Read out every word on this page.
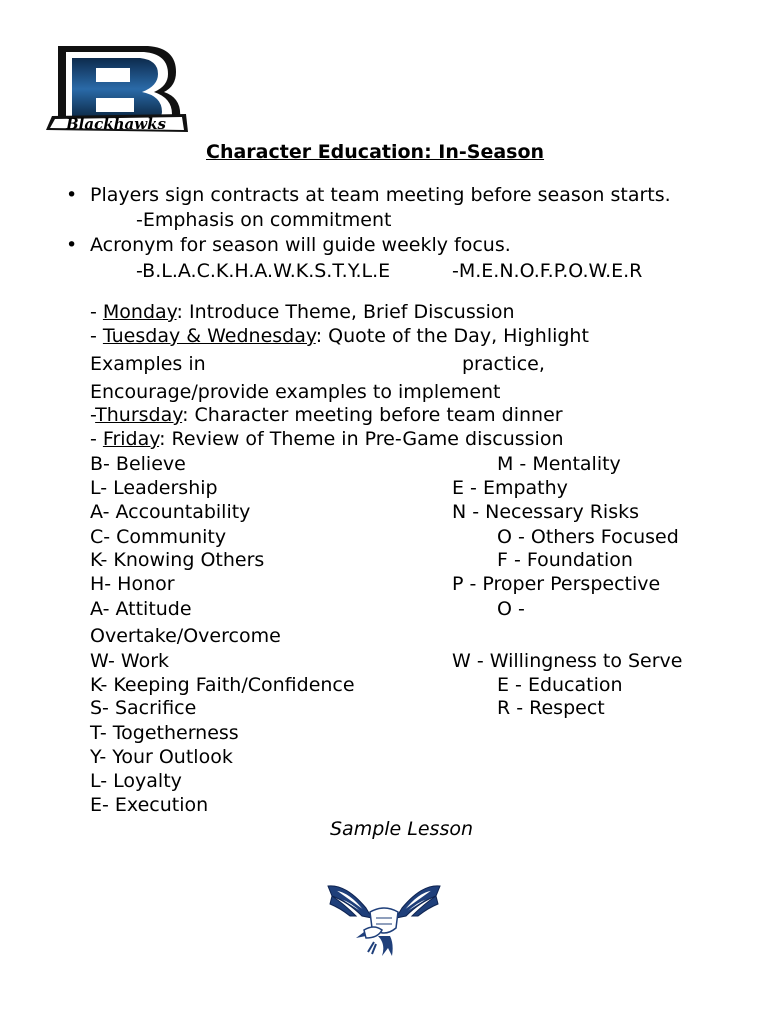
Blackhawks
Character Education: In-Season
• Players sign contracts at team meeting before season starts.
-Emphasis on commitment
• Acronym for season will guide weekly focus.
-B.L.A.C.K.H.A.W.K.S.T.Y.L.E	-M.E.N.O.F.P.O.W.E.R
- Monday: Introduce Theme, Brief Discussion
- Tuesday & Wednesday: Quote of the Day, Highlight
Examples in	practice,
Encourage/provide examples to implement
-Thursday: Character meeting before team dinner
- Friday: Review of Theme in Pre-Game discussion
B- Believe
L- Leadership
A- Accountability
C- Community
K- Knowing Others
H- Honor
A- Attitude
W- Work
K- Keeping Faith/Confidence
S- Sacrifice
T- Togetherness
Y- Your Outlook
L- Loyalty
E- Execution
M - Mentality
E - Empathy
N - Necessary Risks
O - Others Focused
F - Foundation
P - Proper Perspective
O -
Overtake/Overcome
W - Willingness to Serve
E - Education
R - Respect
Sample Lesson
